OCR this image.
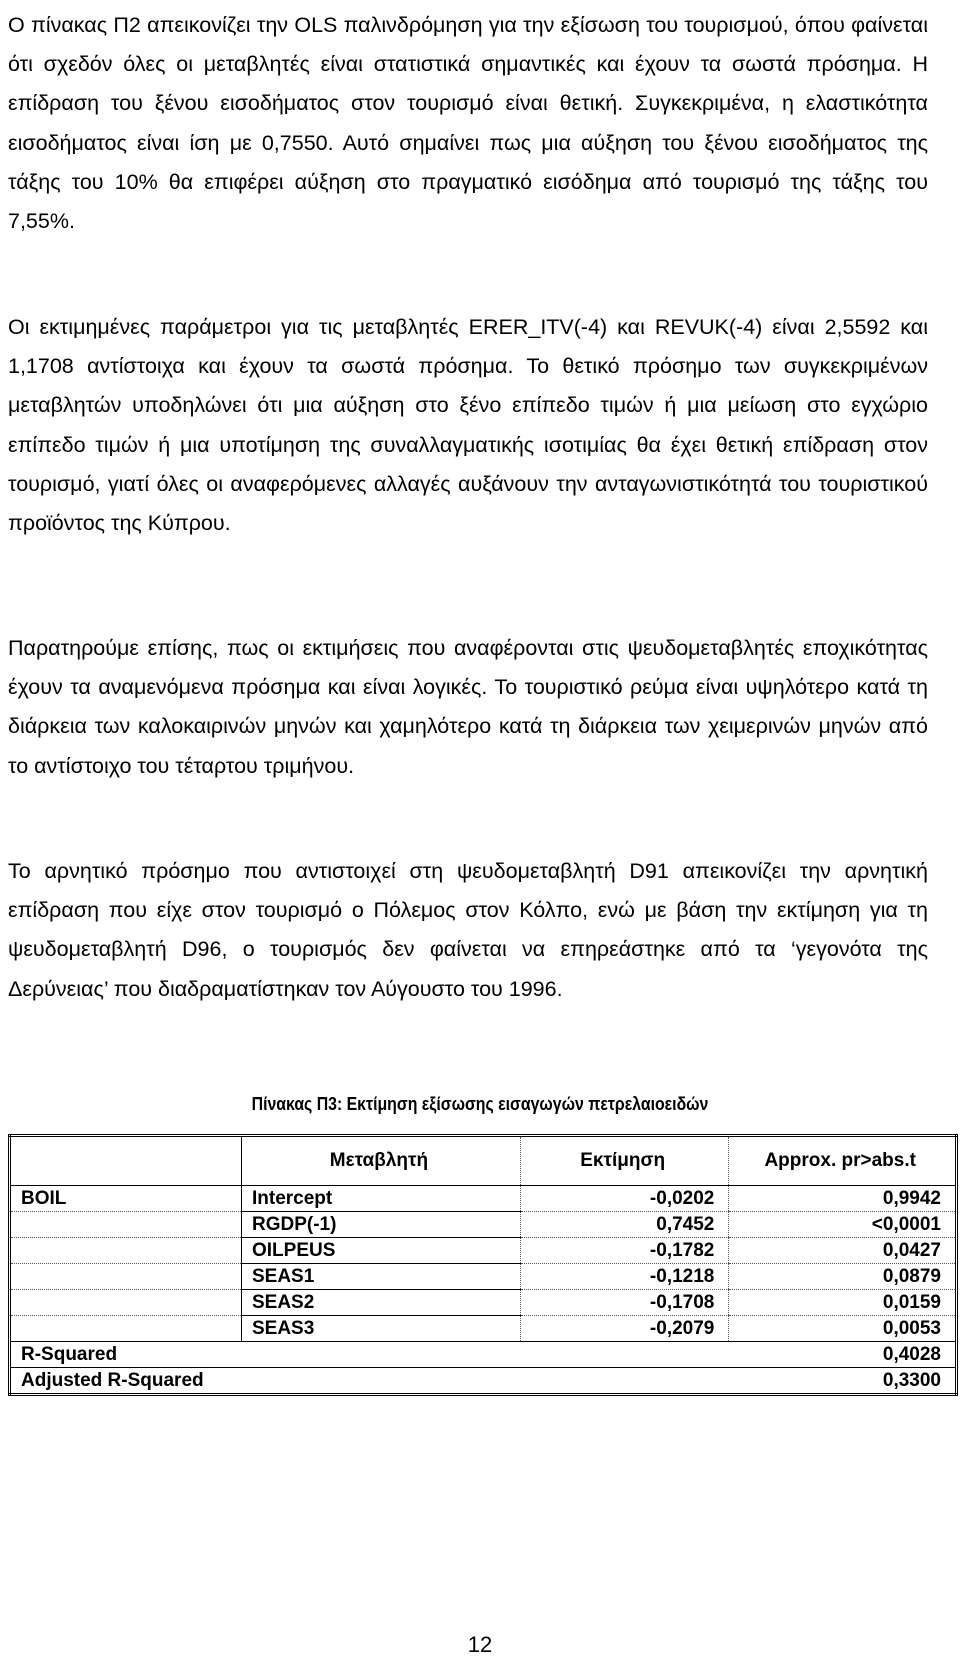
Ο πίνακας Π2 απεικονίζει την OLS παλινδρόμηση για την εξίσωση του τουρισμού, όπου φαίνεται ότι σχεδόν όλες οι μεταβλητές είναι στατιστικά σημαντικές και έχουν τα σωστά πρόσημα. Η επίδραση του ξένου εισοδήματος στον τουρισμό είναι θετική. Συγκεκριμένα, η ελαστικότητα εισοδήματος είναι ίση με 0,7550. Αυτό σημαίνει πως μια αύξηση του ξένου εισοδήματος της τάξης του 10% θα επιφέρει αύξηση στο πραγματικό εισόδημα από τουρισμό της τάξης του 7,55%.

Οι εκτιμημένες παράμετροι για τις μεταβλητές ERER_ITV(-4) και REVUK(-4) είναι 2,5592 και 1,1708 αντίστοιχα και έχουν τα σωστά πρόσημα. Το θετικό πρόσημο των συγκεκριμένων μεταβλητών υποδηλώνει ότι μια αύξηση στο ξένο επίπεδο τιμών ή μια μείωση στο εγχώριο επίπεδο τιμών ή μια υποτίμηση της συναλλαγματικής ισοτιμίας θα έχει θετική επίδραση στον τουρισμό, γιατί όλες οι αναφερόμενες αλλαγές αυξάνουν την ανταγωνιστικότητά του τουριστικού προϊόντος της Κύπρου.

Παρατηρούμε επίσης, πως οι εκτιμήσεις που αναφέρονται στις ψευδομεταβλητές εποχικότητας έχουν τα αναμενόμενα πρόσημα και είναι λογικές. Το τουριστικό ρεύμα είναι υψηλότερο κατά τη διάρκεια των καλοκαιρινών μηνών και χαμηλότερο κατά τη διάρκεια των χειμερινών μηνών από το αντίστοιχο του τέταρτου τριμήνου.

Το αρνητικό πρόσημο που αντιστοιχεί στη ψευδομεταβλητή D91 απεικονίζει την αρνητική επίδραση που είχε στον τουρισμό ο Πόλεμος στον Κόλπο, ενώ με βάση την εκτίμηση για τη ψευδομεταβλητή D96, ο τουρισμός δεν φαίνεται να επηρεάστηκε από τα ‘γεγονότα της Δερύνειας’ που διαδραματίστηκαν τον Αύγουστο του 1996.

Πίνακας Π3: Εκτίμηση εξίσωσης εισαγωγών πετρελαιοειδών
	Μεταβλητή	Εκτίμηση	Approx. pr>abs.t
BOIL	Intercept	-0,0202	0,9942
	RGDP(-1)	0,7452	<0,0001
	OILPEUS	-0,1782	0,0427
	SEAS1	-0,1218	0,0879
	SEAS2	-0,1708	0,0159
	SEAS3	-0,2079	0,0053
R-Squared	0,4028		
Adjusted R-Squared	0,3300		
12
